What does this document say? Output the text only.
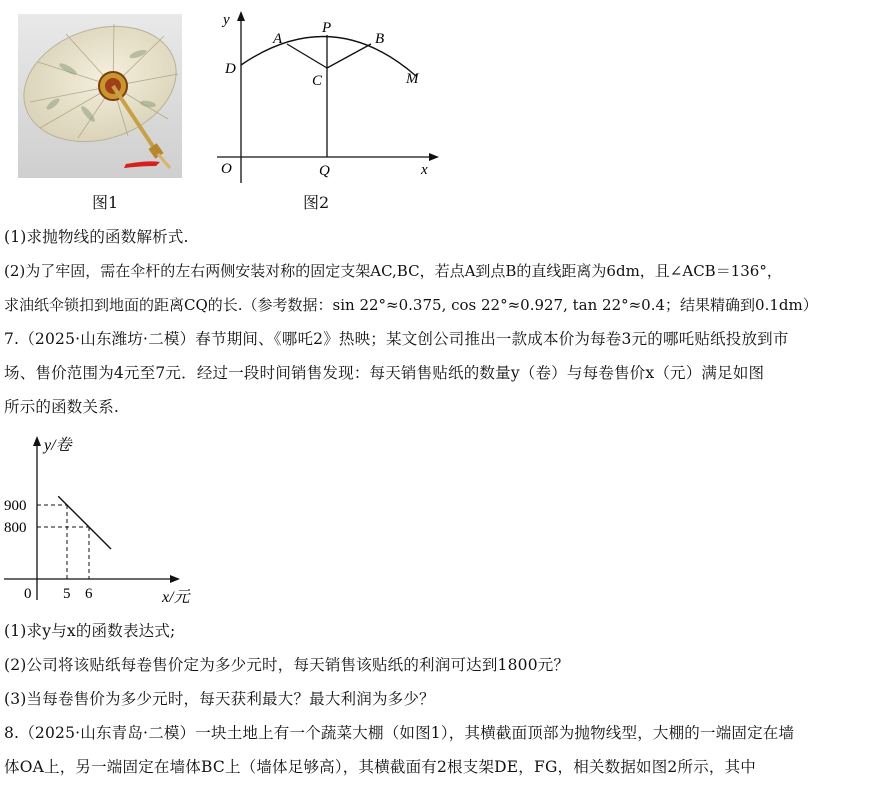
图1
y
x
O	Q
P
A	B
C
D
M
图2
(1)求抛物线的函数解析式.
(2)为了牢固，需在伞杆的左右两侧安装对称的固定支架AC,BC，若点A到点B的直线距离为6dm，且∠ACB＝136°，
求油纸伞锁扣到地面的距离CQ的长.（参考数据：sin 22°≈0.375, cos 22°≈0.927, tan 22°≈0.4；结果精确到0.1dm）
7.（2025·山东潍坊·二模）春节期间、《哪吒2》热映；某文创公司推出一款成本价为每卷3元的哪吒贴纸投放到市
场、售价范围为4元至7元．经过一段时间销售发现：每天销售贴纸的数量y（卷）与每卷售价x（元）满足如图
所示的函数关系.
y/卷
x/元
0
900
800
5 6
(1)求y与x的函数表达式;
(2)公司将该贴纸每卷售价定为多少元时，每天销售该贴纸的利润可达到1800元？
(3)当每卷售价为多少元时，每天获利最大？最大利润为多少？
8.（2025·山东青岛·二模）一块土地上有一个蔬菜大棚（如图1），其横截面顶部为抛物线型，大棚的一端固定在墙
体OA上，另一端固定在墙体BC上（墙体足够高），其横截面有2根支架DE，FG，相关数据如图2所示，其中
